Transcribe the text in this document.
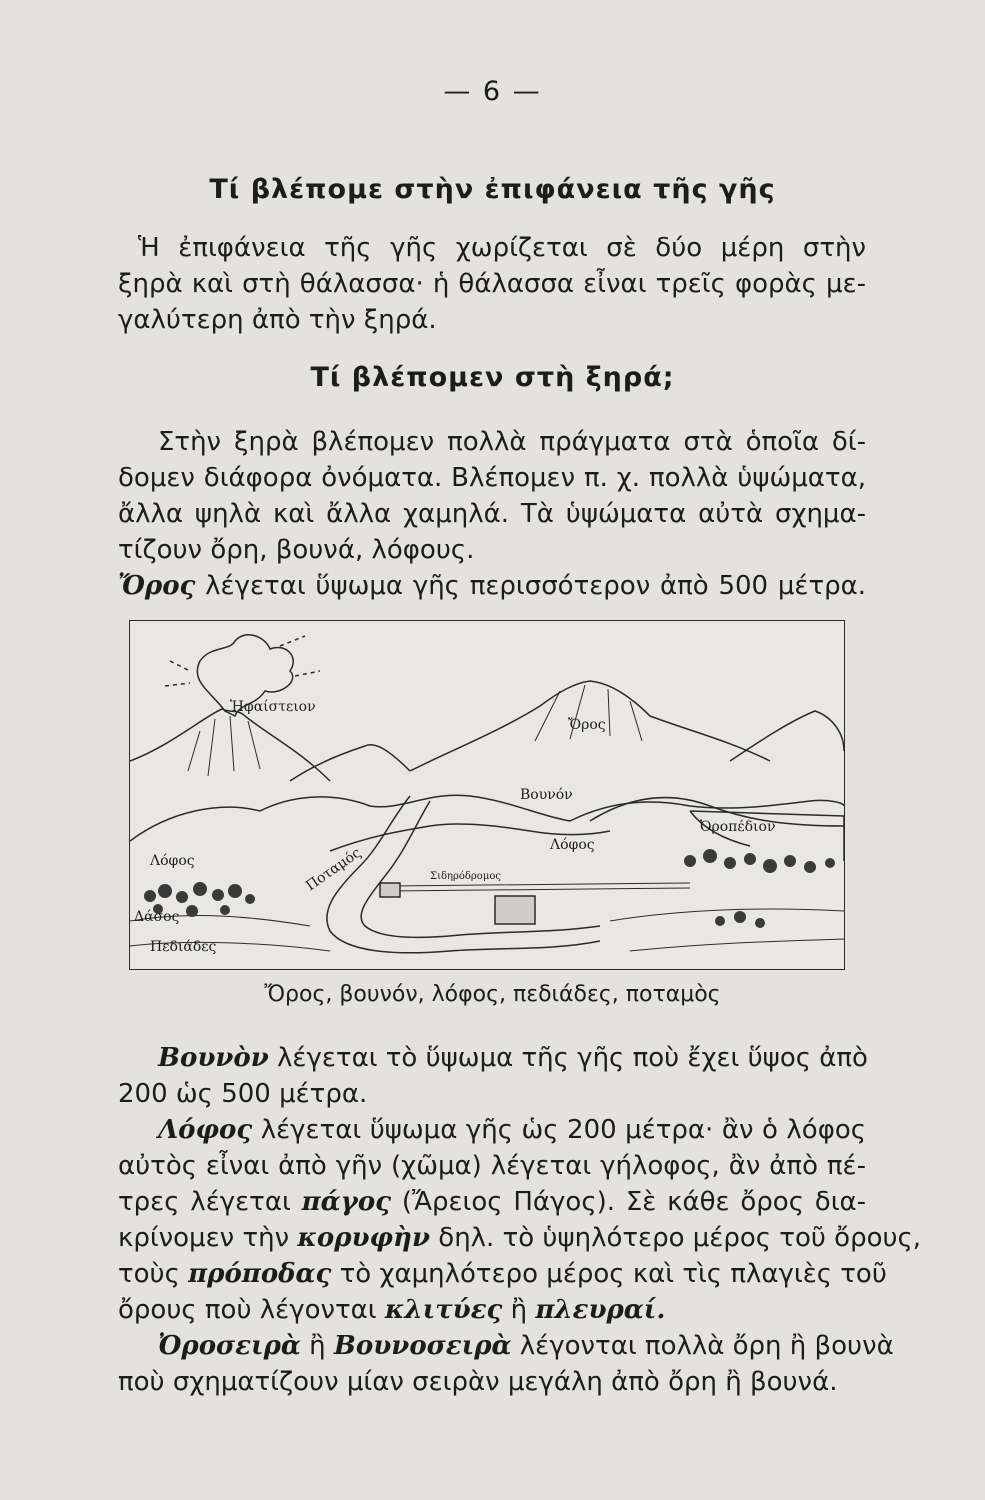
— 6 —
Τί βλέπομε στὴν ἐπιφάνεια τῆς γῆς
Ἡ ἐπιφάνεια τῆς γῆς χωρίζεται σὲ δύο μέρη στὴν
ξηρὰ καὶ στὴ θάλασσα· ἡ θάλασσα εἶναι τρεῖς φορὰς με-
γαλύτερη ἀπὸ τὴν ξηρά.
Τί βλέπομεν στὴ ξηρά;
Στὴν ξηρὰ βλέπομεν πολλὰ πράγματα στὰ ὁποῖα δί-
δομεν διάφορα ὀνόματα. Βλέπομεν π. χ. πολλὰ ὑψώματα,
ἄλλα ψηλὰ καὶ ἄλλα χαμηλά. Τὰ ὑψώματα αὐτὰ σχημα-
τίζουν ὄρη, βουνά, λόφους.
Ὄρος λέγεται ὕψωμα γῆς περισσότερον ἀπὸ 500 μέτρα.
Ἡφαίστειον
Ὄρος
Βουνόν
Λόφος
Ὀροπέδιον
Λόφος	Ποταμός	Σιδηρόδρομος
Δάσος
Πεδιάδες
Ὄρος, βουνόν, λόφος, πεδιάδες, ποταμὸς
Βουνὸν λέγεται τὸ ὕψωμα τῆς γῆς ποὺ ἔχει ὕψος ἀπὸ
200 ὡς 500 μέτρα.
Λόφος λέγεται ὕψωμα γῆς ὡς 200 μέτρα· ἂν ὁ λόφος
αὐτὸς εἶναι ἀπὸ γῆν (χῶμα) λέγεται γήλοφος, ἂν ἀπὸ πέ-
τρες λέγεται πάγος (Ἄρειος Πάγος). Σὲ κάθε ὄρος δια-
κρίνομεν τὴν κορυφὴν δηλ. τὸ ὑψηλότερο μέρος τοῦ ὄρους,
τοὺς πρόποδας τὸ χαμηλότερο μέρος καὶ τὶς πλαγιὲς τοῦ
ὄρους ποὺ λέγονται κλιτύες ἢ πλευραί.
Ὀροσειρὰ ἢ Βουνοσειρὰ λέγονται πολλὰ ὄρη ἢ βουνὰ
ποὺ σχηματίζουν μίαν σειρὰν μεγάλη ἀπὸ ὄρη ἢ βουνά.
